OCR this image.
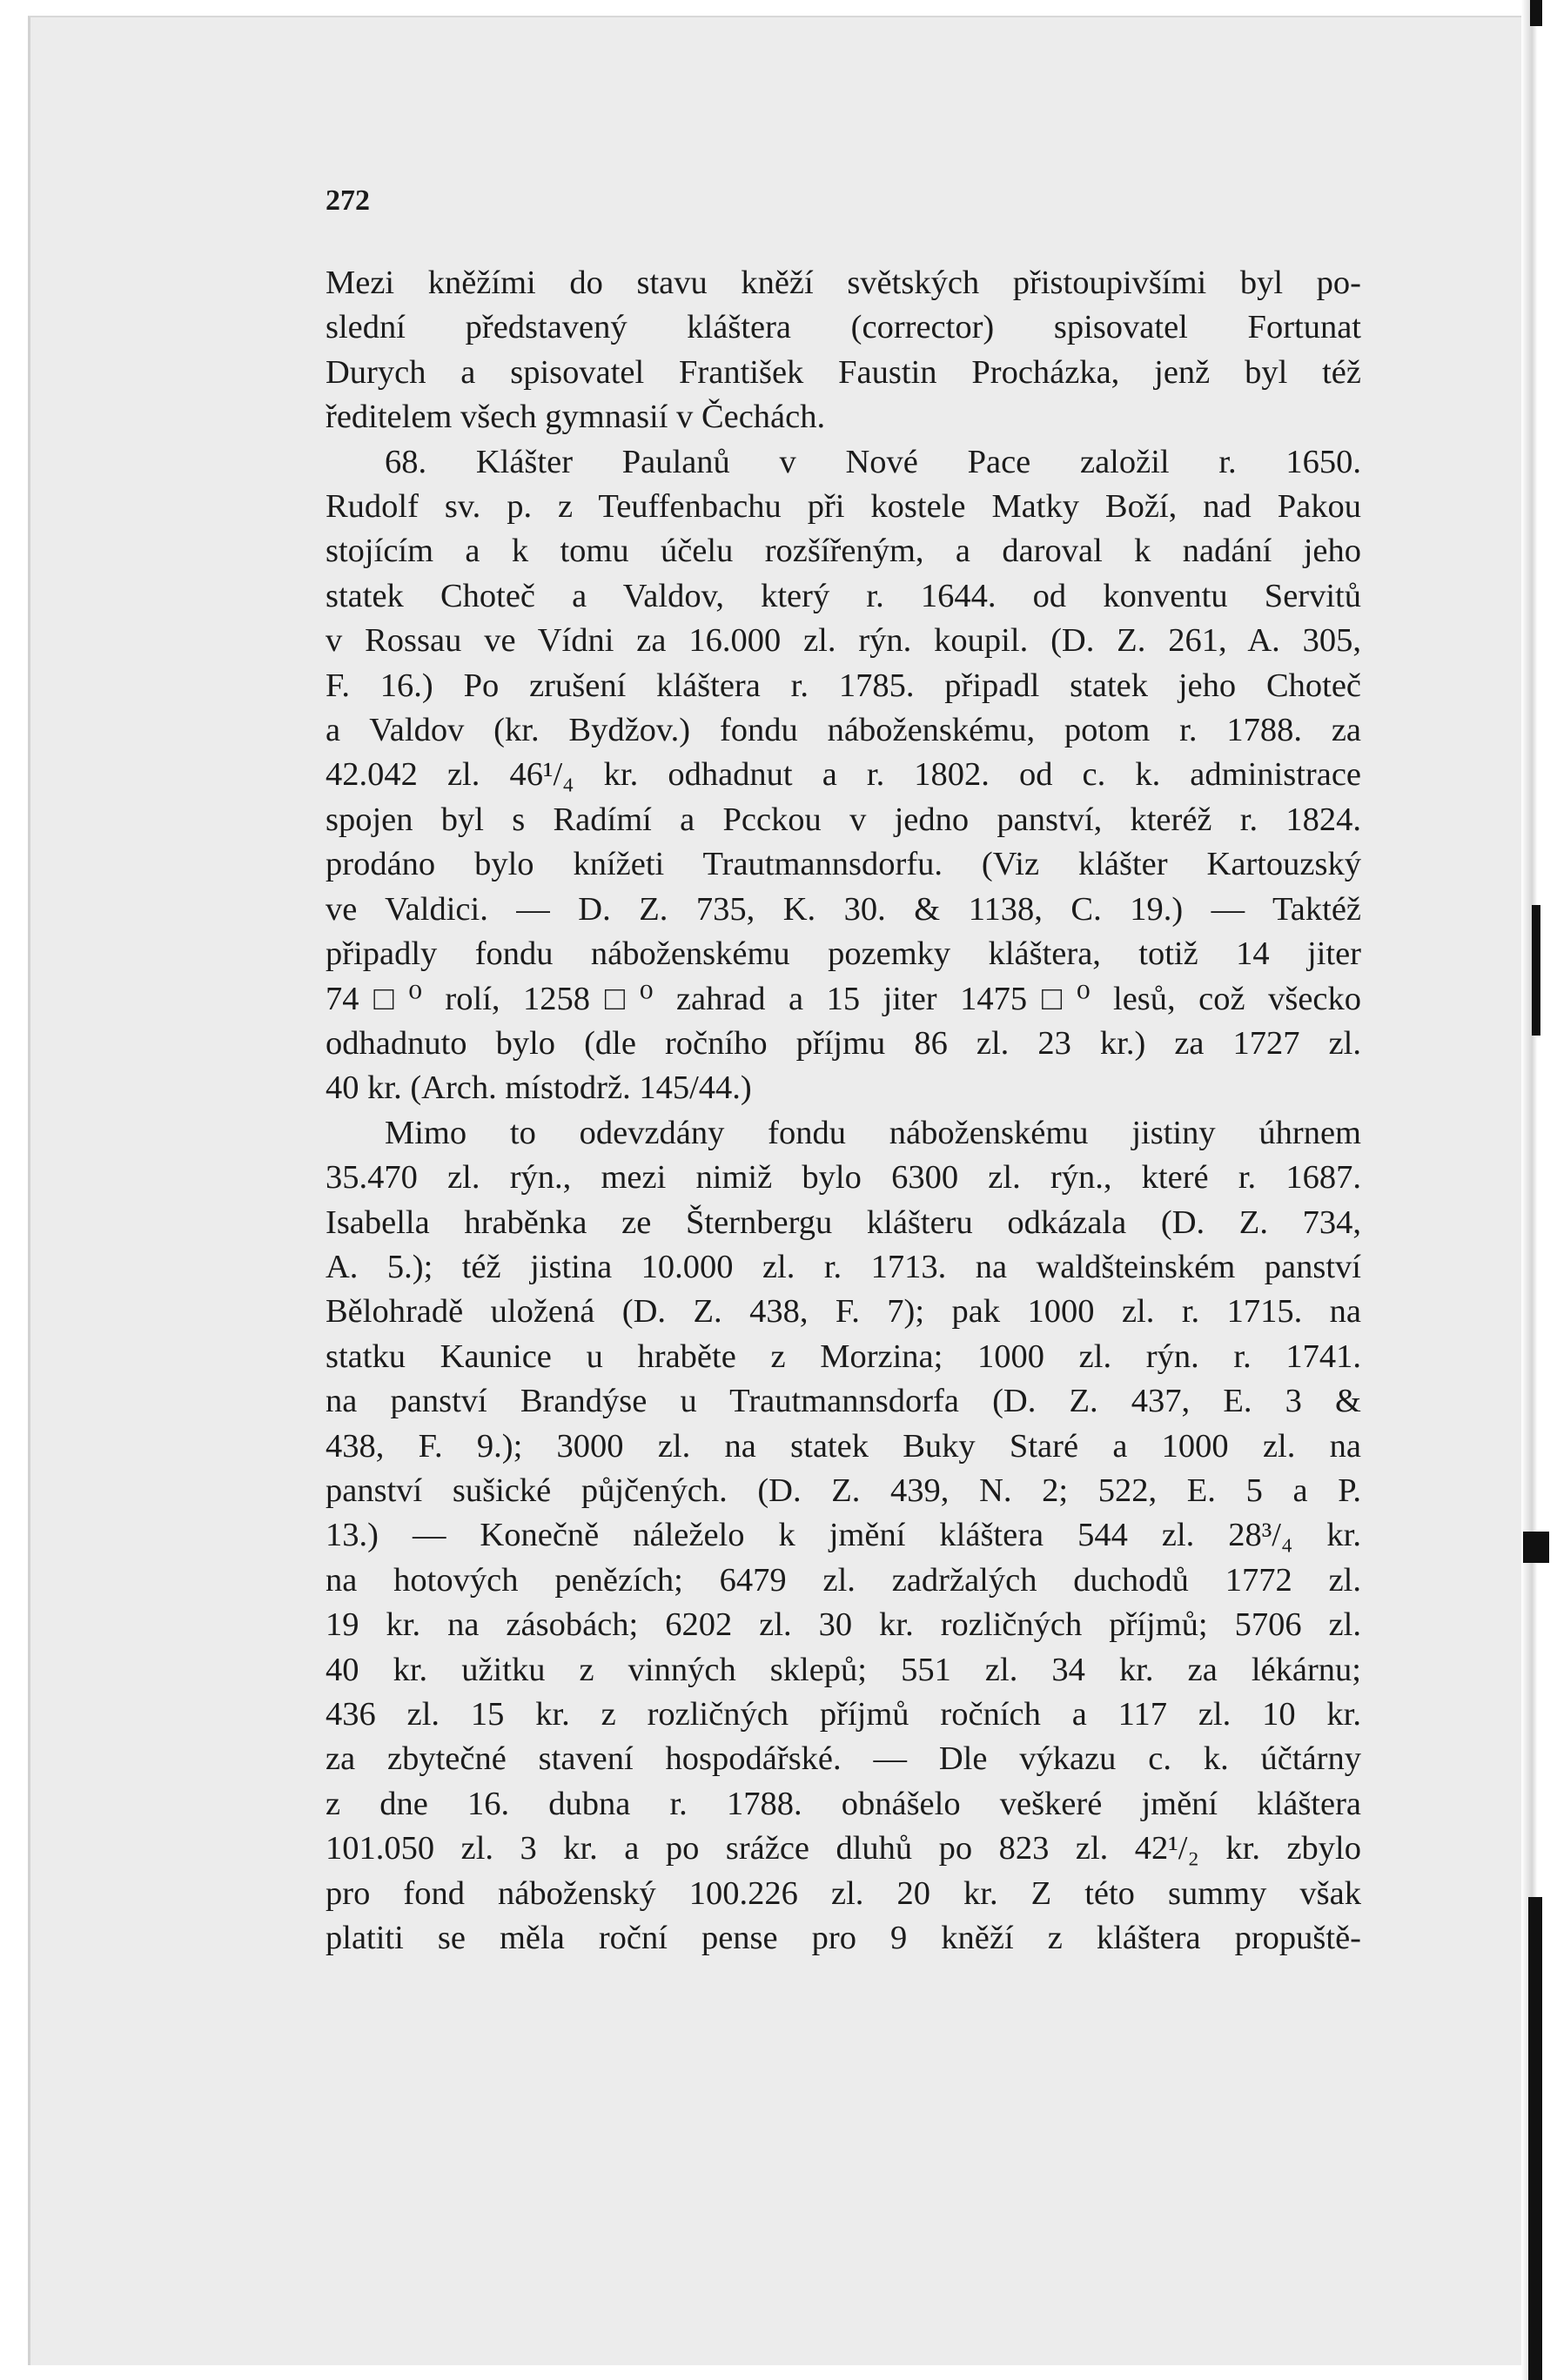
272
Mezi kněžími do stavu kněží světských přistoupivšími byl po-
slední představený kláštera (corrector) spisovatel Fortunat
Durych a spisovatel František Faustin Procházka, jenž byl též
ředitelem všech gymnasií v Čechách.
68. Klášter Paulanů v Nové Pace založil r. 1650.
Rudolf sv. p. z Teuffenbachu při kostele Matky Boží, nad Pakou
stojícím a k tomu účelu rozšířeným, a daroval k nadání jeho
statek Choteč a Valdov, který r. 1644. od konventu Servitů
v Rossau ve Vídni za 16.000 zl. rýn. koupil. (D. Z. 261, A. 305,
F. 16.) Po zrušení kláštera r. 1785. připadl statek jeho Choteč
a Valdov (kr. Bydžov.) fondu náboženskému, potom r. 1788. za
42.042 zl. 46¹/₄ kr. odhadnut a r. 1802. od c. k. administrace
spojen byl s Radímí a Pcckou v jedno panství, kteréž r. 1824.
prodáno bylo knížeti Trautmannsdorfu. (Viz klášter Kartouzský
ve Valdici. — D. Z. 735, K. 30. & 1138, C. 19.) — Taktéž
připadly fondu náboženskému pozemky kláštera, totiž 14 jiter
74□⁰ rolí, 1258□⁰ zahrad a 15 jiter 1475□⁰ lesů, což všecko
odhadnuto bylo (dle ročního příjmu 86 zl. 23 kr.) za 1727 zl.
40 kr. (Arch. místodrž. 145/44.)
Mimo to odevzdány fondu náboženskému jistiny úhrnem
35.470 zl. rýn., mezi nimiž bylo 6300 zl. rýn., které r. 1687.
Isabella hraběnka ze Šternbergu klášteru odkázala (D. Z. 734,
A. 5.); též jistina 10.000 zl. r. 1713. na waldšteinském panství
Bělohradě uložená (D. Z. 438, F. 7); pak 1000 zl. r. 1715. na
statku Kaunice u hraběte z Morzina; 1000 zl. rýn. r. 1741.
na panství Brandýse u Trautmannsdorfa (D. Z. 437, E. 3 &
438, F. 9.); 3000 zl. na statek Buky Staré a 1000 zl. na
panství sušické půjčených. (D. Z. 439, N. 2; 522, E. 5 a P.
13.) — Konečně náleželo k jmění kláštera 544 zl. 28³/₄ kr.
na hotových penězích; 6479 zl. zadržalých duchodů 1772 zl.
19 kr. na zásobách; 6202 zl. 30 kr. rozličných příjmů; 5706 zl.
40 kr. užitku z vinných sklepů; 551 zl. 34 kr. za lékárnu;
436 zl. 15 kr. z rozličných příjmů ročních a 117 zl. 10 kr.
za zbytečné stavení hospodářské. — Dle výkazu c. k. účtárny
z dne 16. dubna r. 1788. obnášelo veškeré jmění kláštera
101.050 zl. 3 kr. a po srážce dluhů po 823 zl. 42¹/₂ kr. zbylo
pro fond náboženský 100.226 zl. 20 kr. Z této summy však
platiti se měla roční pense pro 9 kněží z kláštera propuště-
